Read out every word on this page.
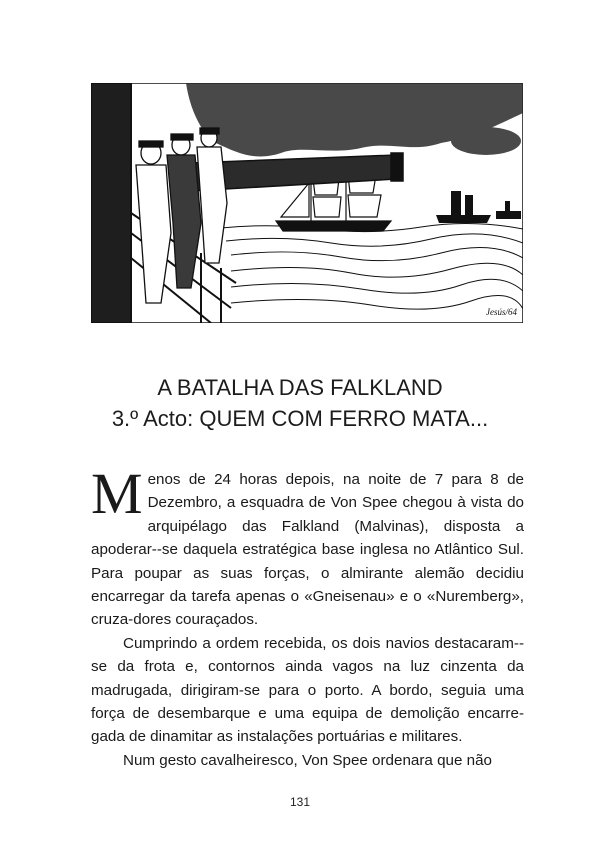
Jesús/64
A BATALHA DAS FALKLAND
3.º Acto: QUEM COM FERRO MATA...

Menos de 24 horas depois, na noite de 7 para 8 de Dezembro, a esquadra de Von Spee chegou à vista do arquipélago das Falkland (Malvinas), disposta a apoderar--se daquela estratégica base inglesa no Atlântico Sul. Para poupar as suas forças, o almirante alemão decidiu encarregar da tarefa apenas o «Gneisenau» e o «Nuremberg», cruza-dores couraçados.

Cumprindo a ordem recebida, os dois navios destacaram--se da frota e, contornos ainda vagos na luz cinzenta da madrugada, dirigiram-se para o porto. A bordo, seguia uma força de desembarque e uma equipa de demolição encarre-gada de dinamitar as instalações portuárias e militares.

Num gesto cavalheiresco, Von Spee ordenara que não

131
